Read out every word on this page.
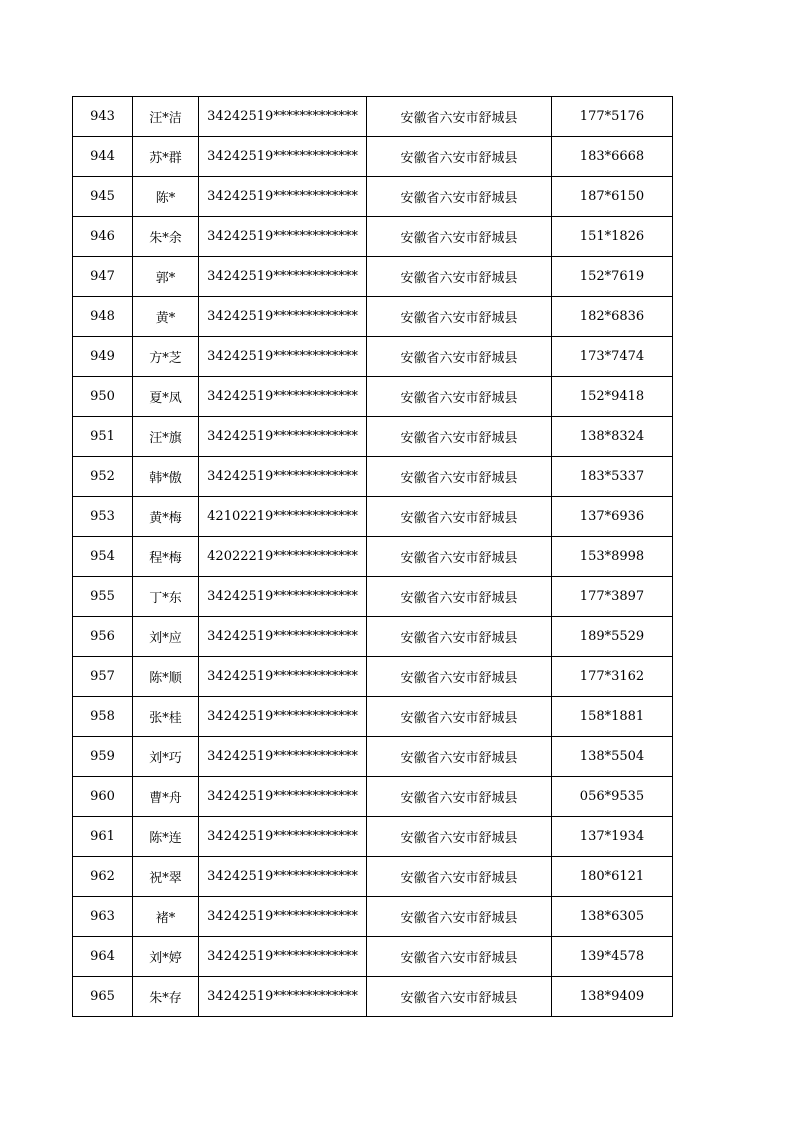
943	汪*洁	34242519*************	安徽省六安市舒城县	177*5176
944	苏*群	34242519*************	安徽省六安市舒城县	183*6668
945	陈*	34242519*************	安徽省六安市舒城县	187*6150
946	朱*余	34242519*************	安徽省六安市舒城县	151*1826
947	郭*	34242519*************	安徽省六安市舒城县	152*7619
948	黄*	34242519*************	安徽省六安市舒城县	182*6836
949	方*芝	34242519*************	安徽省六安市舒城县	173*7474
950	夏*凤	34242519*************	安徽省六安市舒城县	152*9418
951	汪*旗	34242519*************	安徽省六安市舒城县	138*8324
952	韩*傲	34242519*************	安徽省六安市舒城县	183*5337
953	黄*梅	42102219*************	安徽省六安市舒城县	137*6936
954	程*梅	42022219*************	安徽省六安市舒城县	153*8998
955	丁*东	34242519*************	安徽省六安市舒城县	177*3897
956	刘*应	34242519*************	安徽省六安市舒城县	189*5529
957	陈*顺	34242519*************	安徽省六安市舒城县	177*3162
958	张*桂	34242519*************	安徽省六安市舒城县	158*1881
959	刘*巧	34242519*************	安徽省六安市舒城县	138*5504
960	曹*舟	34242519*************	安徽省六安市舒城县	056*9535
961	陈*连	34242519*************	安徽省六安市舒城县	137*1934
962	祝*翠	34242519*************	安徽省六安市舒城县	180*6121
963	褚*	34242519*************	安徽省六安市舒城县	138*6305
964	刘*婷	34242519*************	安徽省六安市舒城县	139*4578
965	朱*存	34242519*************	安徽省六安市舒城县	138*9409
